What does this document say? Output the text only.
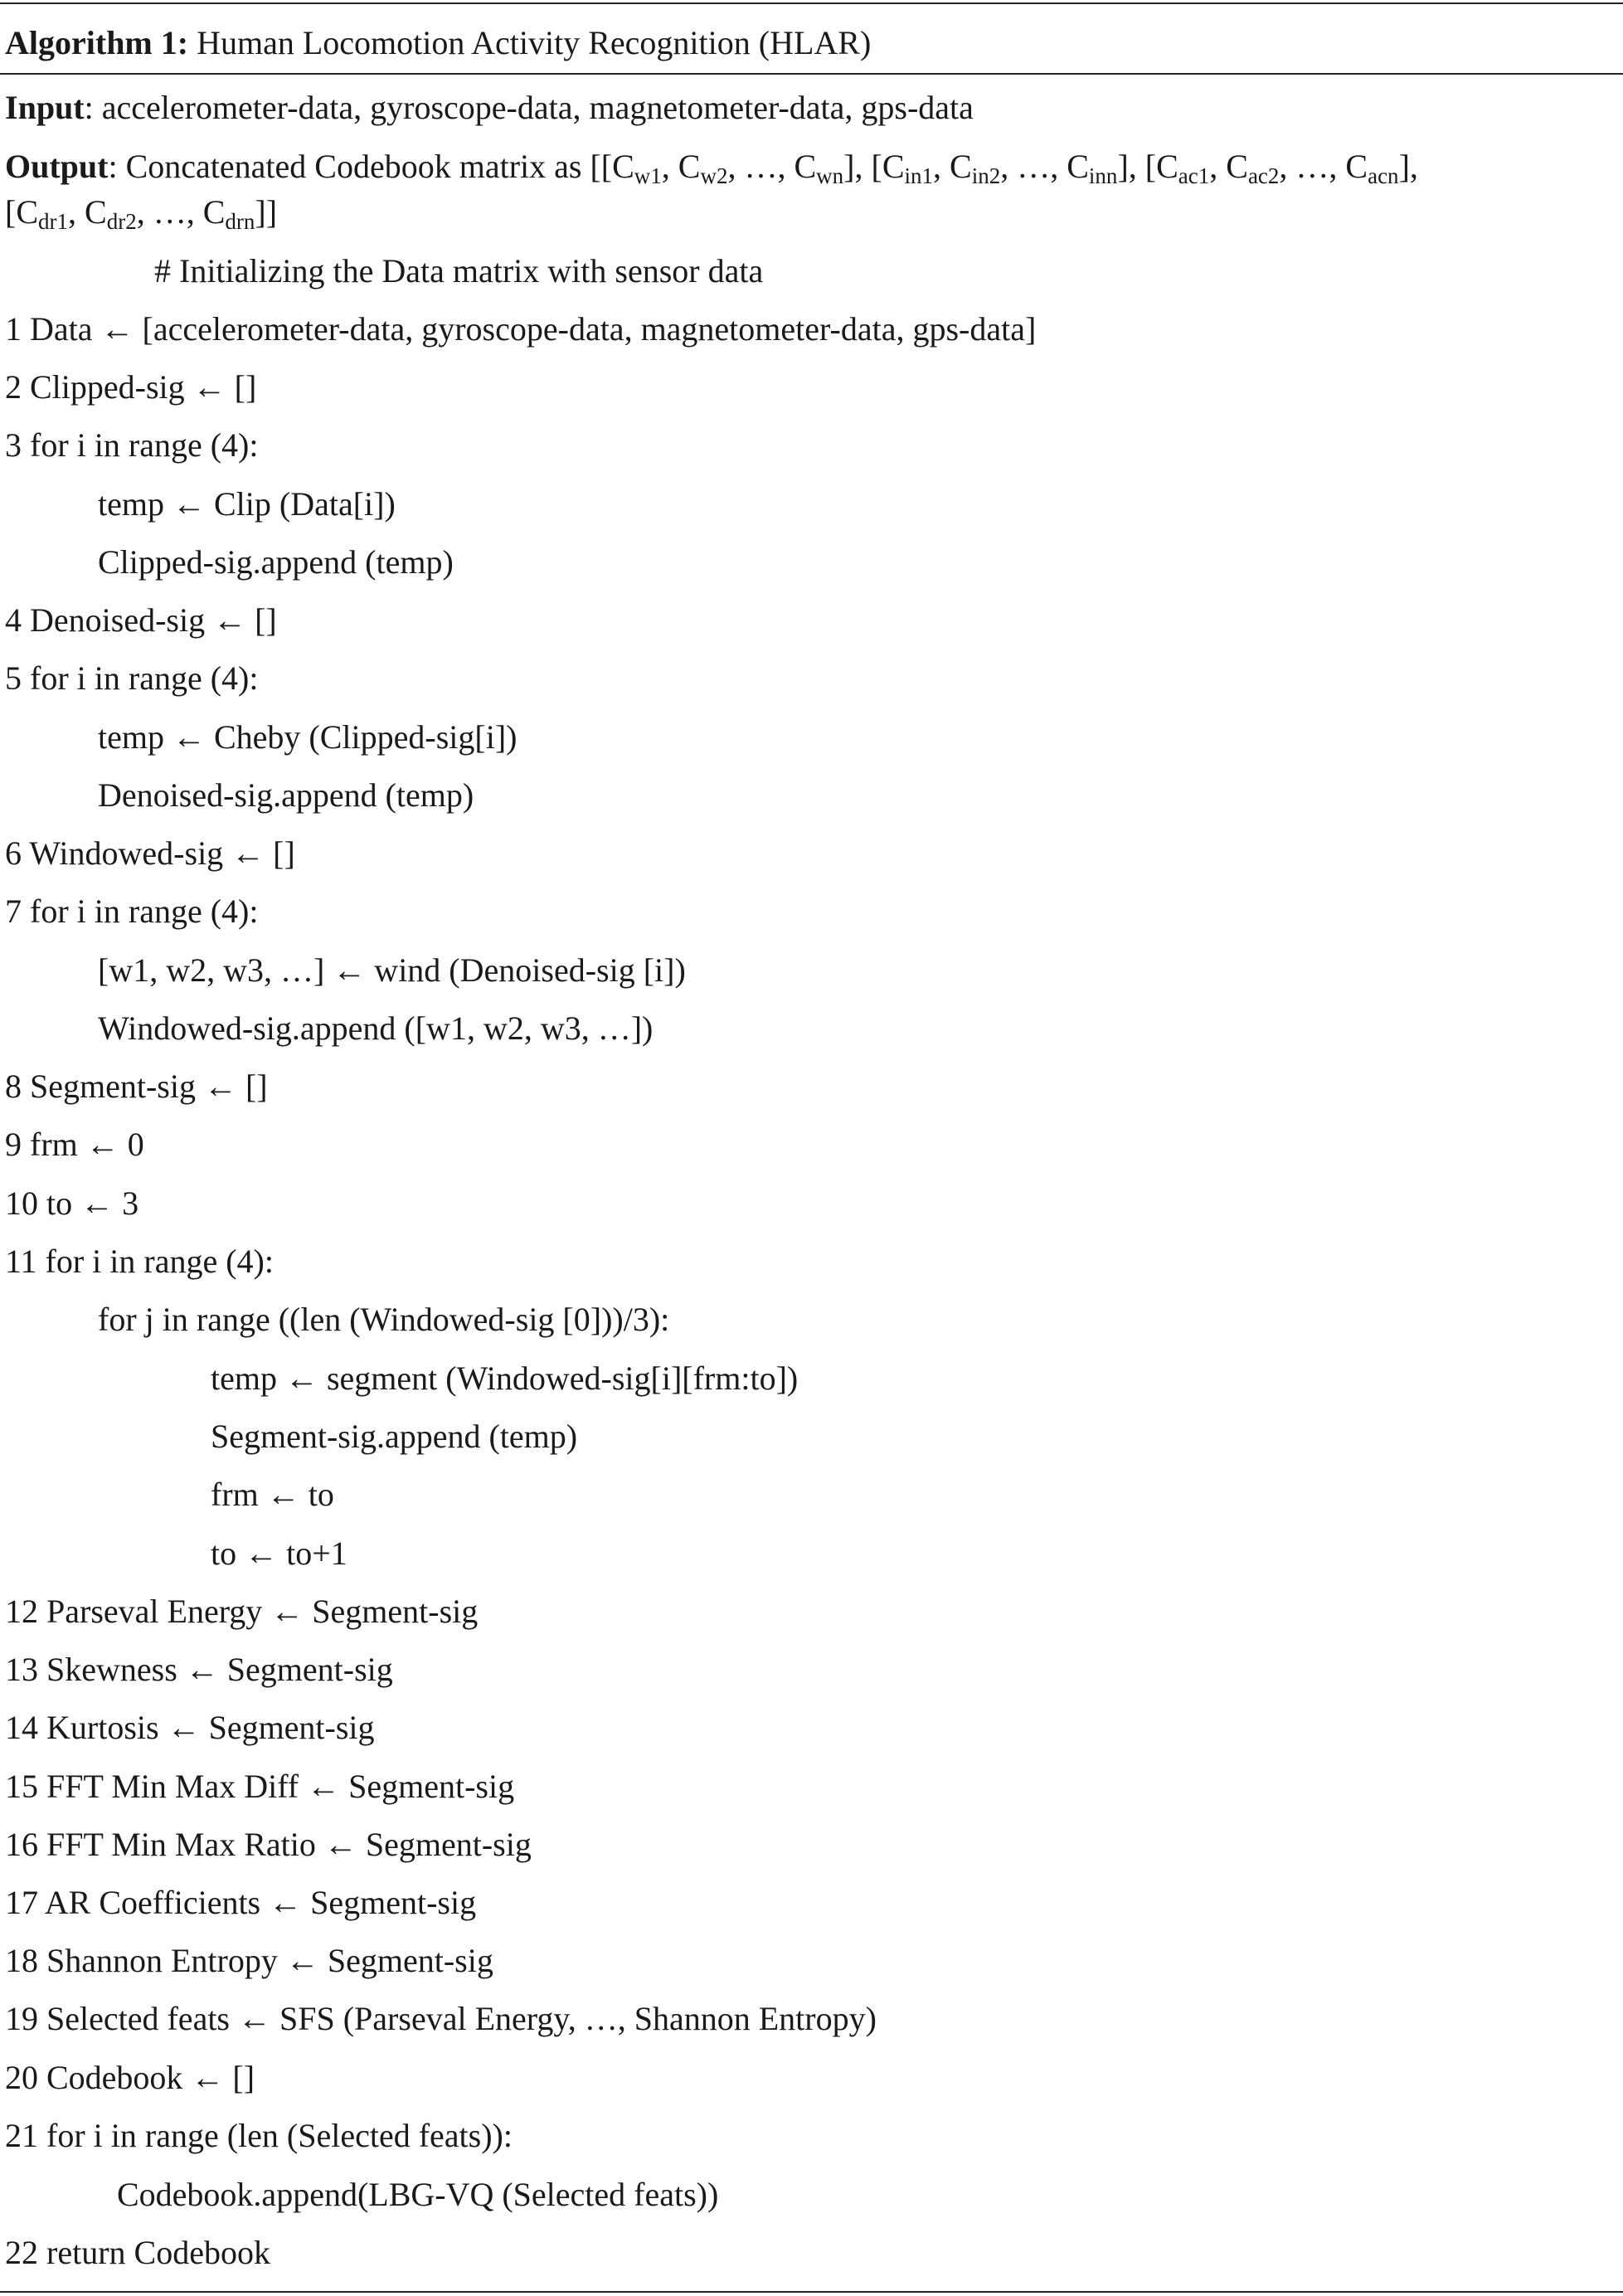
Algorithm 1: Human Locomotion Activity Recognition (HLAR)
Input: accelerometer-data, gyroscope-data, magnetometer-data, gps-data
Output: Concatenated Codebook matrix as [[$C_{w1}$, $C_{w2}$, …, $C_{wn}$], [$C_{in1}$, $C_{in2}$, …, $C_{inn}$], [$C_{ac1}$, $C_{ac2}$, …, $C_{acn}$],
[$C_{dr1}$, $C_{dr2}$, …, $C_{drn}$]]
# Initializing the Data matrix with sensor data
1 Data ← [accelerometer-data, gyroscope-data, magnetometer-data, gps-data]
2 Clipped-sig ← []
3 for i in range (4):
temp ← Clip (Data[i])
Clipped-sig.append (temp)
4 Denoised-sig ← []
5 for i in range (4):
temp ← Cheby (Clipped-sig[i])
Denoised-sig.append (temp)
6 Windowed-sig ← []
7 for i in range (4):
[w1, w2, w3, …] ← wind (Denoised-sig [i])
Windowed-sig.append ([w1, w2, w3, …])
8 Segment-sig ← []
9 frm ← 0
10 to ← 3
11 for i in range (4):
for j in range ((len (Windowed-sig [0]))/3):
temp ← segment (Windowed-sig[i][frm:to])
Segment-sig.append (temp)
frm ← to
to ← to+1
12 Parseval Energy ← Segment-sig
13 Skewness ← Segment-sig
14 Kurtosis ← Segment-sig
15 FFT Min Max Diff ← Segment-sig
16 FFT Min Max Ratio ← Segment-sig
17 AR Coefficients ← Segment-sig
18 Shannon Entropy ← Segment-sig
19 Selected feats ← SFS (Parseval Energy, …, Shannon Entropy)
20 Codebook ← []
21 for i in range (len (Selected feats)):
Codebook.append(LBG-VQ (Selected feats))
22 return Codebook
